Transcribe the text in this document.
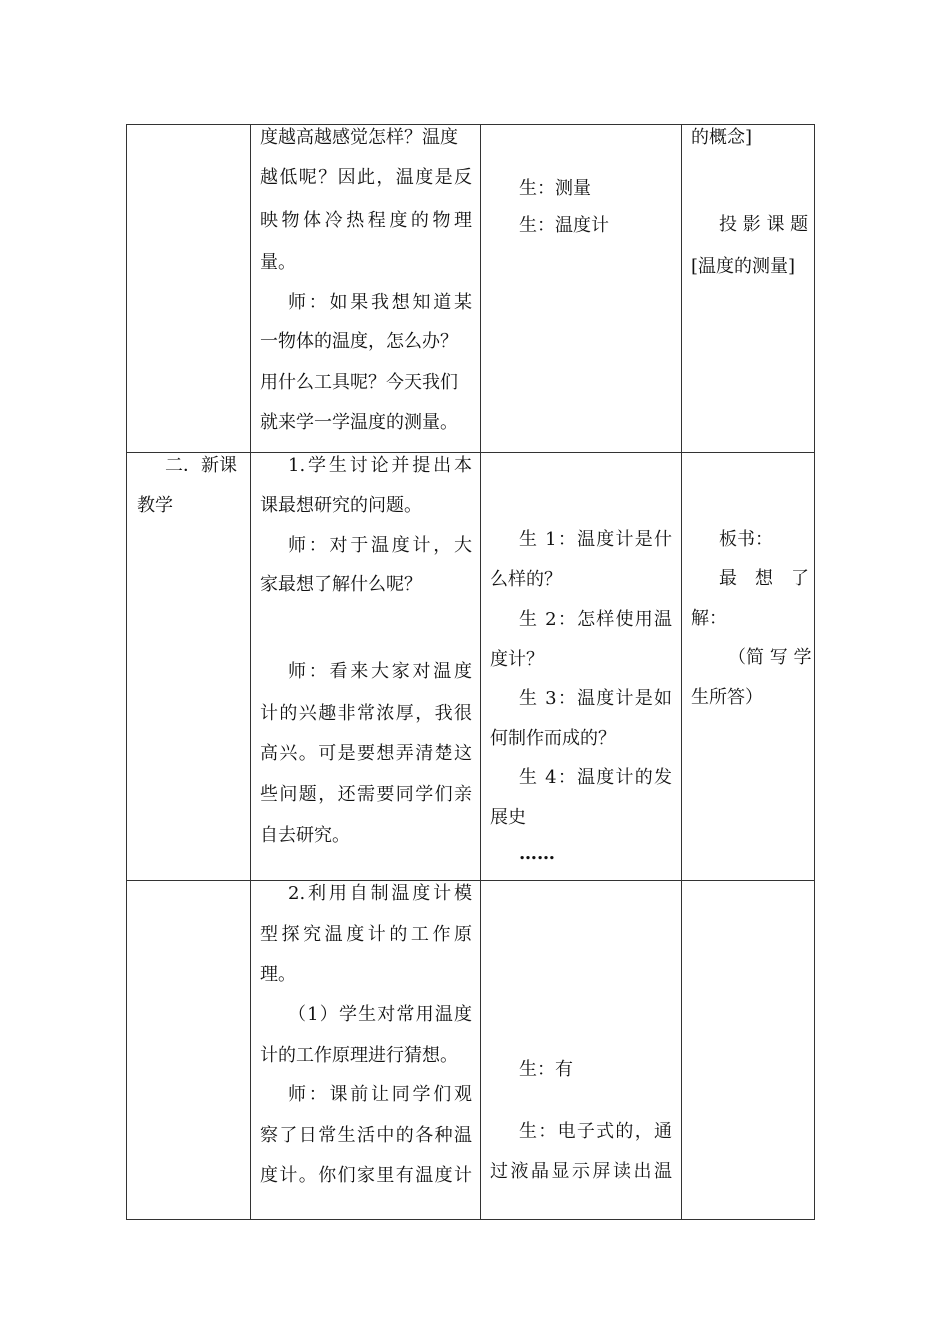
度越高越感觉怎样？温度
越低呢？因此，温度是反
映物体冷热程度的物理
量。
师：如果我想知道某
一物体的温度，怎么办？
用什么工具呢？今天我们
就来学一学温度的测量。
生：测量
生：温度计
的概念]
投 影 课 题
[温度的测量]
二．新课
教学
1.学生讨论并提出本
课最想研究的问题。
师：对于温度计，大
家最想了解什么呢？
师：看来大家对温度
计的兴趣非常浓厚，我很
高兴。可是要想弄清楚这
些问题，还需要同学们亲
自去研究。
生 1：温度计是什
么样的？
生 2：怎样使用温
度计？
生 3：温度计是如
何制作而成的？
生 4：温度计的发
展史
……
板书：
最　想　了
解：
（简 写 学
生所答）
2.利用自制温度计模
型探究温度计的工作原
理。
（1）学生对常用温度
计的工作原理进行猜想。
师：课前让同学们观
察了日常生活中的各种温
度计。你们家里有温度计
生：有
生：电子式的，通
过液晶显示屏读出温
